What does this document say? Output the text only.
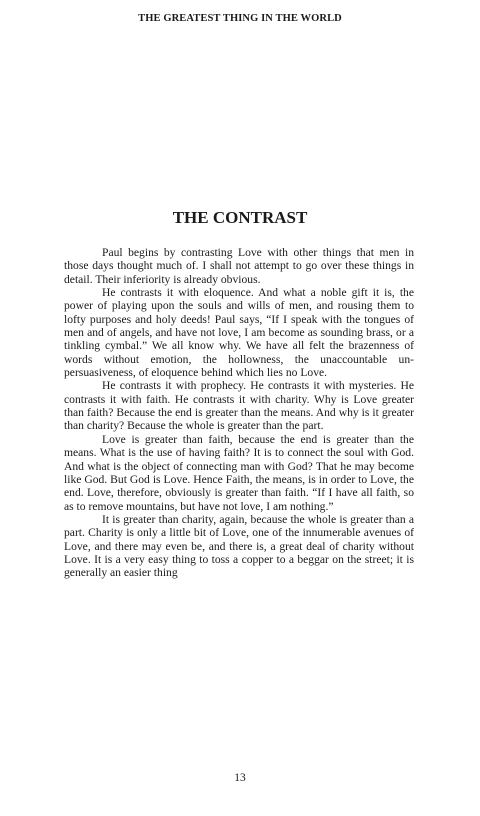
THE GREATEST THING IN THE WORLD
THE CONTRAST

Paul begins by contrasting Love with other things that men in those days thought much of. I shall not attempt to go over these things in detail. Their inferiority is already obvious.

He contrasts it with eloquence. And what a noble gift it is, the power of playing upon the souls and wills of men, and rousing them to lofty purposes and holy deeds! Paul says, “If I speak with the tongues of men and of angels, and have not love, I am become as sounding brass, or a tinkling cymbal.” We all know why. We have all felt the brazenness of words without emotion, the hollowness, the unaccountable un-persuasiveness, of eloquence behind which lies no Love.

He contrasts it with prophecy. He contrasts it with mysteries. He contrasts it with faith. He contrasts it with charity. Why is Love greater than faith? Because the end is greater than the means. And why is it greater than charity? Because the whole is greater than the part.

Love is greater than faith, because the end is greater than the means. What is the use of having faith? It is to connect the soul with God. And what is the object of connecting man with God? That he may become like God. But God is Love. Hence Faith, the means, is in order to Love, the end. Love, therefore, obviously is greater than faith. “If I have all faith, so as to remove mountains, but have not love, I am nothing.”

It is greater than charity, again, because the whole is greater than a part. Charity is only a little bit of Love, one of the innumerable avenues of Love, and there may even be, and there is, a great deal of charity without Love. It is a very easy thing to toss a copper to a beggar on the street; it is generally an easier thing

13
